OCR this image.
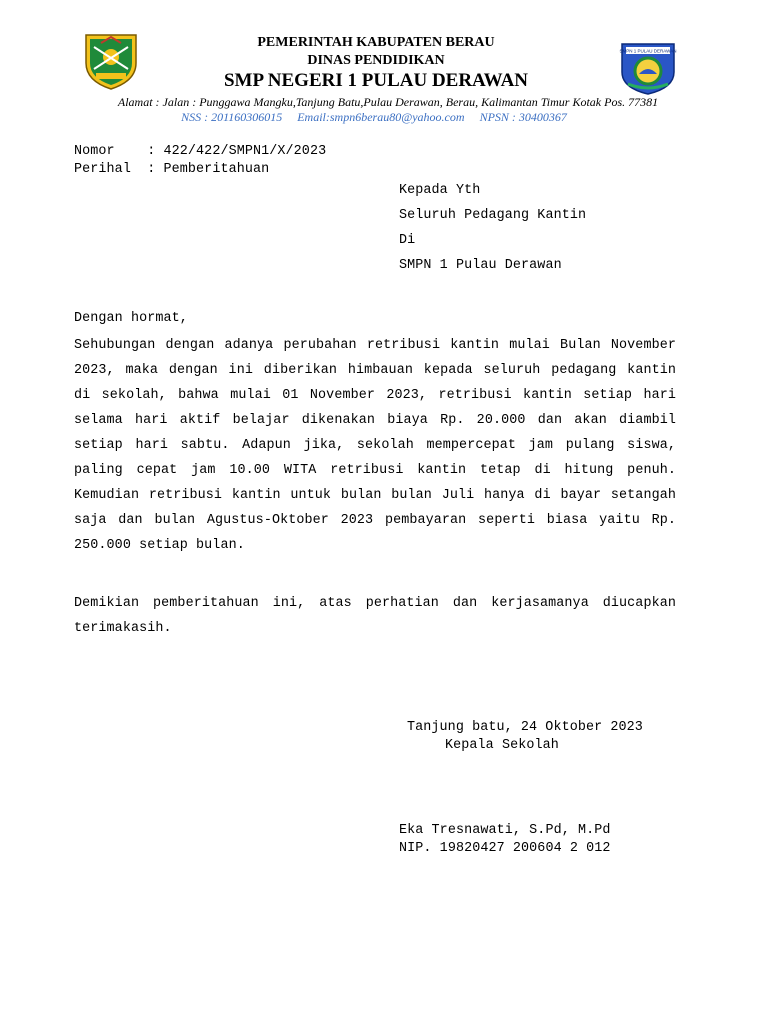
SMPN 1 PULAU DERAWAN
PEMERINTAH KABUPATEN BERAU
DINAS PENDIDIKAN
SMP NEGERI 1 PULAU DERAWAN
Alamat : Jalan : Punggawa Mangku,Tanjung Batu,Pulau Derawan, Berau, Kalimantan Timur Kotak Pos. 77381
NSS : 201160306015 Email:smpn6berau80@yahoo.com NPSN : 30400367
Nomor : 422/422/SMPN1/X/2023
Perihal : Pemberitahuan
Kepada Yth
Seluruh Pedagang Kantin
Di
SMPN 1 Pulau Derawan
Dengan hormat,
Sehubungan dengan adanya perubahan retribusi kantin mulai Bulan November 2023, maka dengan ini diberikan himbauan kepada seluruh pedagang kantin di sekolah, bahwa mulai 01 November 2023, retribusi kantin setiap hari selama hari aktif belajar dikenakan biaya Rp. 20.000 dan akan diambil setiap hari sabtu. Adapun jika, sekolah mempercepat jam pulang siswa, paling cepat jam 10.00 WITA retribusi kantin tetap di hitung penuh. Kemudian retribusi kantin untuk bulan bulan Juli hanya di bayar setangah saja dan bulan Agustus-Oktober 2023 pembayaran seperti biasa yaitu Rp. 250.000 setiap bulan.
Demikian pemberitahuan ini, atas perhatian dan kerjasamanya diucapkan terimakasih.
Tanjung batu, 24 Oktober 2023
Kepala Sekolah
Eka Tresnawati, S.Pd, M.Pd
NIP. 19820427 200604 2 012
